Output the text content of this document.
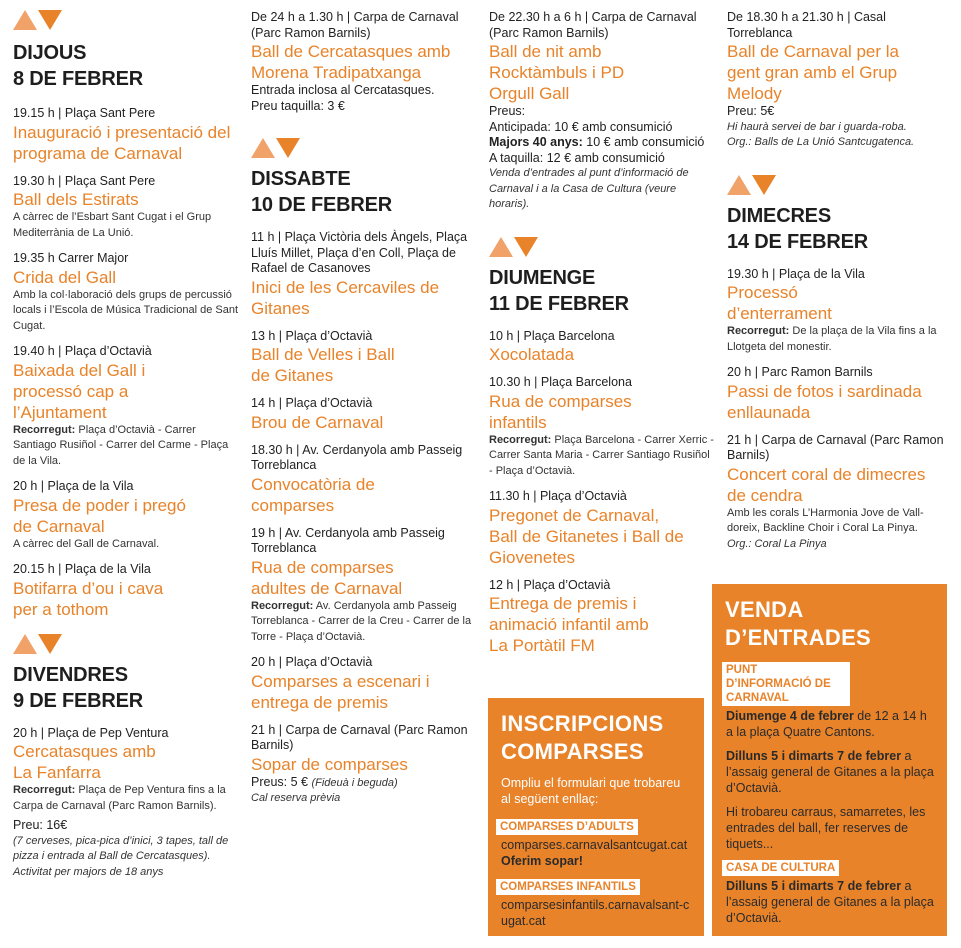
DIJOUS
8 DE FEBRER
19.15 h | Plaça Sant Pere
Inauguració i presentació del programa de Carnaval
19.30 h | Plaça Sant Pere
Ball dels Estirats
A càrrec de l’Esbart Sant Cugat i el Grup Mediterrània de La Unió.
19.35 h Carrer Major
Crida del Gall
Amb la col·laboració dels grups de percussió locals i l’Escola de Música Tradicional de Sant Cugat.
19.40 h | Plaça d’Octavià
Baixada del Gall i processó cap a l’Ajuntament
Recorregut: Plaça d’Octavià - Carrer Santiago Rusiñol - Carrer del Carme - Plaça de la Vila.
20 h | Plaça de la Vila
Presa de poder i pregó de Carnaval
A càrrec del Gall de Carnaval.
20.15 h | Plaça de la Vila
Botifarra d’ou i cava per a tothom
DIVENDRES
9 DE FEBRER
20 h | Plaça de Pep Ventura
Cercatasques amb La Fanfarra
Recorregut: Plaça de Pep Ventura fins a la Carpa de Carnaval (Parc Ramon Barnils).
Preu: 16€
(7 cerveses, pica-pica d’inici, 3 tapes, tall de pizza i entrada al Ball de Cercatasques).
Activitat per majors de 18 anys
De 24 h a 1.30 h | Carpa de Carnaval (Parc Ramon Barnils)
Ball de Cercatasques amb Morena Tradipatxanga
Entrada inclosa al Cercatasques.
Preu taquilla: 3 €
DISSABTE
10 DE FEBRER
11 h | Plaça Victòria dels Àngels, Plaça Lluís Millet, Plaça d’en Coll, Plaça de Rafael de Casanoves
Inici de les Cercaviles de Gitanes
13 h | Plaça d’Octavià
Ball de Velles i Ball de Gitanes
14 h | Plaça d’Octavià
Brou de Carnaval
18.30 h | Av. Cerdanyola amb Passeig Torreblanca
Convocatòria de comparses
19 h | Av. Cerdanyola amb Passeig Torreblanca
Rua de comparses adultes de Carnaval
Recorregut: Av. Cerdanyola amb Passeig Torreblanca - Carrer de la Creu - Carrer de la Torre - Plaça d’Octavià.
20 h | Plaça d’Octavià
Comparses a escenari i entrega de premis
21 h | Carpa de Carnaval (Parc Ramon Barnils)
Sopar de comparses
Preus: 5 € (Fideuà i beguda)
Cal reserva prèvia
De 22.30 h a 6 h | Carpa de Carnaval (Parc Ramon Barnils)
Ball de nit amb Rocktàmbuls i PD Orgull Gall
Preus:
Anticipada: 10 € amb consumició
Majors 40 anys: 10 € amb consumició
A taquilla: 12 € amb consumició
Venda d’entrades al punt d’informació de Carnaval i a la Casa de Cultura (veure horaris).
DIUMENGE
11 DE FEBRER
10 h | Plaça Barcelona
Xocolatada
10.30 h | Plaça Barcelona
Rua de comparses infantils
Recorregut: Plaça Barcelona - Carrer Xerric - Carrer Santa Maria - Carrer Santiago Rusiñol - Plaça d’Octavià.
11.30 h | Plaça d’Octavià
Pregonet de Carnaval, Ball de Gitanetes i Ball de Giovenetes
12 h | Plaça d’Octavià
Entrega de premis i animació infantil amb La Portàtil FM
De 18.30 h a 21.30 h | Casal Torreblanca
Ball de Carnaval per la gent gran amb el Grup Melody
Preu: 5€
Hi haurà servei de bar i guarda-roba.
Org.: Balls de La Unió Santcugatenca.
DIMECRES
14 DE FEBRER
19.30 h | Plaça de la Vila
Processó d’enterrament
Recorregut: De la plaça de la Vila fins a la Llotgeta del monestir.
20 h | Parc Ramon Barnils
Passi de fotos i sardinada enllaunada
21 h | Carpa de Carnaval (Parc Ramon Barnils)
Concert coral de dimecres de cendra
Amb les corals L’Harmonia Jove de Vall-doreix, Backline Choir i Coral La Pinya.
Org.: Coral La Pinya
INSCRIPCIONS
COMPARSES
Ompliu el formulari que trobareu al següent enllaç:
COMPARSES D’ADULTS
comparses.carnavalsantcugat.cat
Oferim sopar!
COMPARSES INFANTILS
comparsesinfantils.carnavalsant-cugat.cat
VENDA
D’ENTRADES
PUNT D’INFORMACIÓ DE CARNAVAL
Diumenge 4 de febrer de 12 a 14 h a la plaça Quatre Cantons.
Dilluns 5 i dimarts 7 de febrer a l’assaig general de Gitanes a la plaça d’Octavià.
Hi trobareu carraus, samarretes, les entrades del ball, fer reserves de tiquets...
CASA DE CULTURA
Dilluns 5 i dimarts 7 de febrer a l’assaig general de Gitanes a la plaça d’Octavià.
